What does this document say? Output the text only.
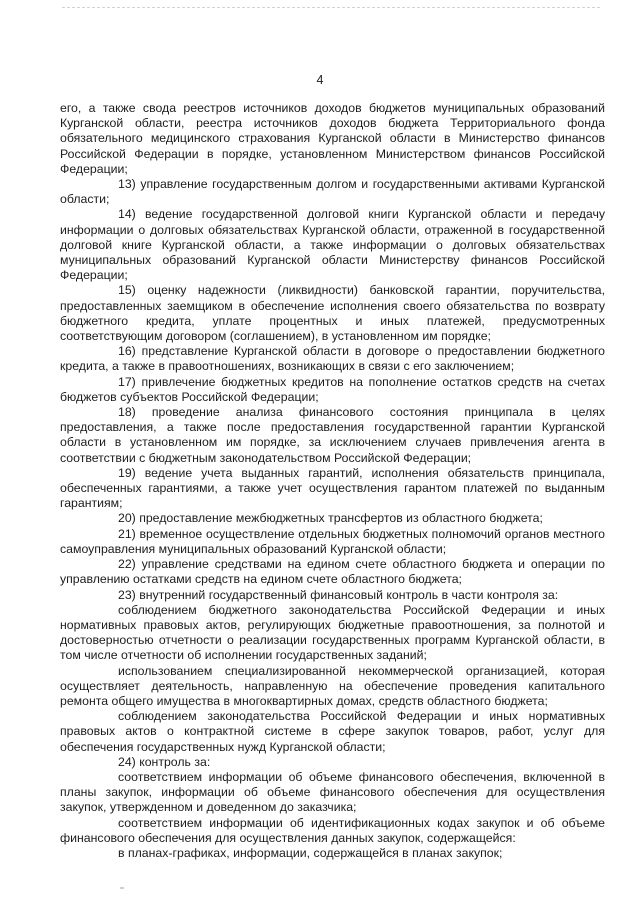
4

его, а также свода реестров источников доходов бюджетов муниципальных образований Курганской области, реестра источников доходов бюджета Территориального фонда обязательного медицинского страхования Курганской области в Министерство финансов Российской Федерации в порядке, установленном Министерством финансов Российской Федерации;

13) управление государственным долгом и государственными активами Курганской области;

14) ведение государственной долговой книги Курганской области и передачу информации о долговых обязательствах Курганской области, отраженной в государственной долговой книге Курганской области, а также информации о долговых обязательствах муниципальных образований Курганской области Министерству финансов Российской Федерации;

15) оценку надежности (ликвидности) банковской гарантии, поручительства, предоставленных заемщиком в обеспечение исполнения своего обязательства по возврату бюджетного кредита, уплате процентных и иных платежей, предусмотренных соответствующим договором (соглашением), в установленном им порядке;

16) представление Курганской области в договоре о предоставлении бюджетного кредита, а также в правоотношениях, возникающих в связи с его заключением;

17) привлечение бюджетных кредитов на пополнение остатков средств на счетах бюджетов субъектов Российской Федерации;

18) проведение анализа финансового состояния принципала в целях предоставления, а также после предоставления государственной гарантии Курганской области в установленном им порядке, за исключением случаев привлечения агента в соответствии с бюджетным законодательством Российской Федерации;

19) ведение учета выданных гарантий, исполнения обязательств принципала, обеспеченных гарантиями, а также учет осуществления гарантом платежей по выданным гарантиям;

20) предоставление межбюджетных трансфертов из областного бюджета;

21) временное осуществление отдельных бюджетных полномочий органов местного самоуправления муниципальных образований Курганской области;

22) управление средствами на едином счете областного бюджета и операции по управлению остатками средств на едином счете областного бюджета;

23) внутренний государственный финансовый контроль в части контроля за:

соблюдением бюджетного законодательства Российской Федерации и иных нормативных правовых актов, регулирующих бюджетные правоотношения, за полнотой и достоверностью отчетности о реализации государственных программ Курганской области, в том числе отчетности об исполнении государственных заданий;

использованием специализированной некоммерческой организацией, которая осуществляет деятельность, направленную на обеспечение проведения капитального ремонта общего имущества в многоквартирных домах, средств областного бюджета;

соблюдением законодательства Российской Федерации и иных нормативных правовых актов о контрактной системе в сфере закупок товаров, работ, услуг для обеспечения государственных нужд Курганской области;

24) контроль за:

соответствием информации об объеме финансового обеспечения, включенной в планы закупок, информации об объеме финансового обеспечения для осуществления закупок, утвержденном и доведенном до заказчика;

соответствием информации об идентификационных кодах закупок и об объеме финансового обеспечения для осуществления данных закупок, содержащейся:

в планах-графиках, информации, содержащейся в планах закупок;
